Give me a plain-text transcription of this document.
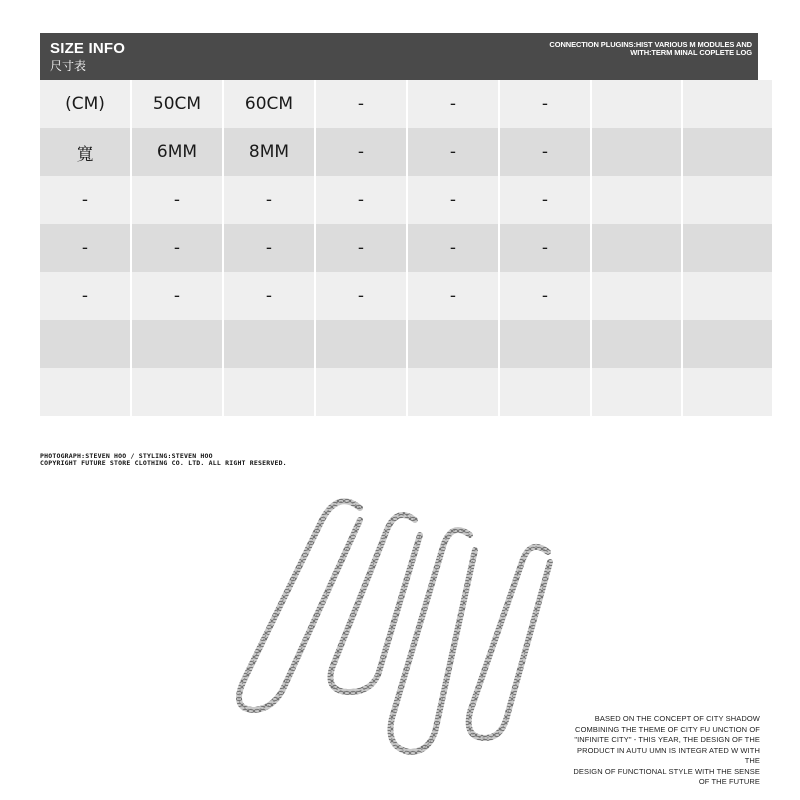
SIZE INFO
尺寸表
CONNECTION PLUGINS:HIST VARIOUS M MODULES AND
WITH:TERM MINAL COPLETE LOG
(CM)	50CM	60CM	-	-	-
寬	6MM	8MM	-	-	-
-	-	-	-	-	-
-	-	-	-	-	-
-	-	-	-	-	-
PHOTOGRAPH:STEVEN HOO / STYLING:STEVEN HOO
COPYRIGHT FUTURE STORE CLOTHING CO. LTD. ALL RIGHT RESERVED.
BASED ON THE CONCEPT OF CITY SHADOW
COMBINING THE THEME OF CITY FU UNCTION OF
"INFINITE CITY" - THIS YEAR, THE DESIGN OF THE
PRODUCT IN AUTU UMN IS INTEGR ATED W WITH THE
DESIGN OF FUNCTIONAL STYLE WITH THE SENSE
OF THE FUTURE
